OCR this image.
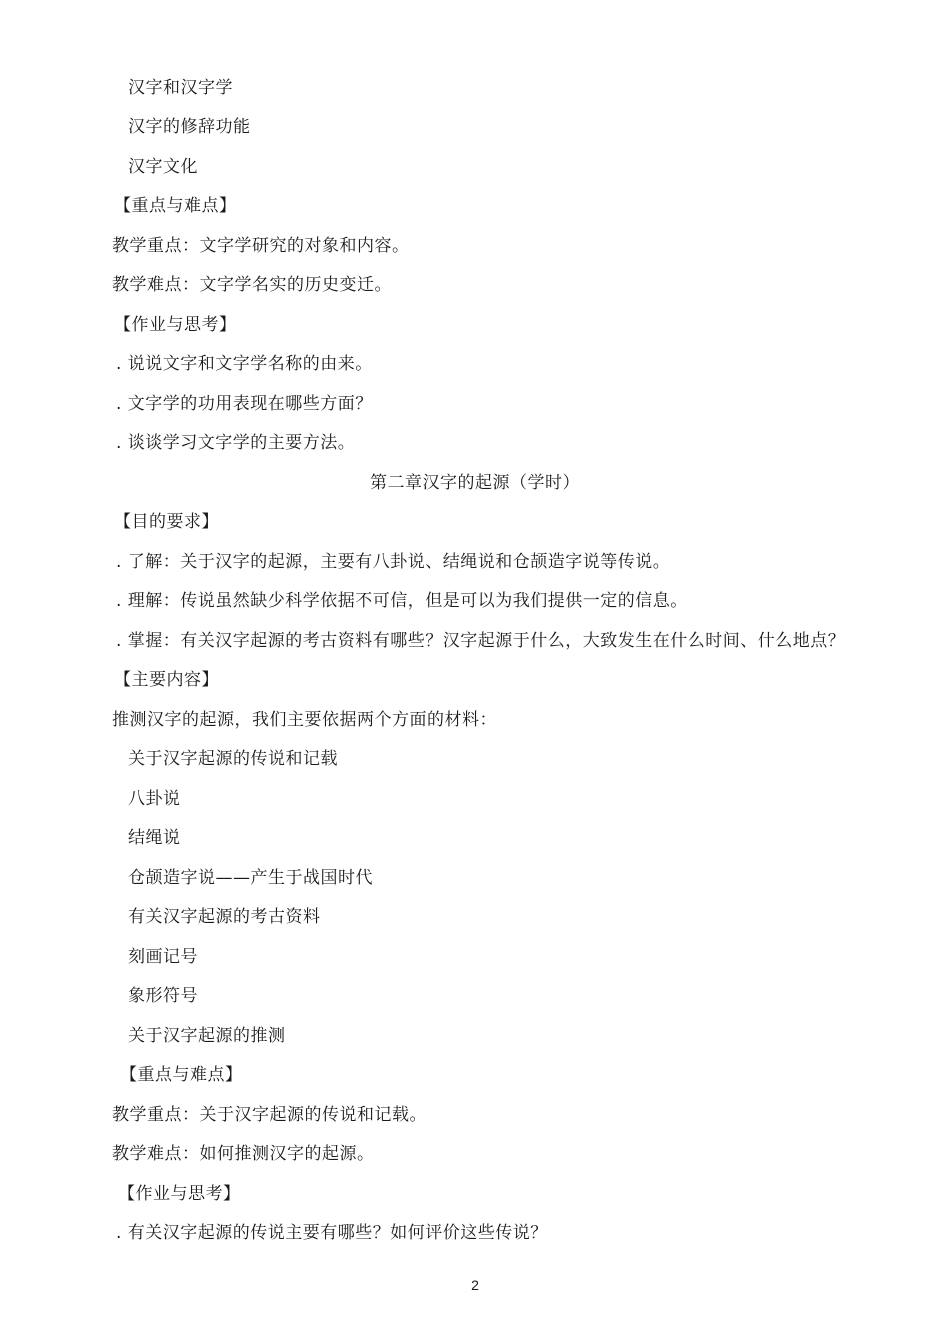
汉字和汉字学
汉字的修辞功能
汉字文化
【重点与难点】
教学重点：文字学研究的对象和内容。
教学难点：文字学名实的历史变迁。
【作业与思考】
. 说说文字和文字学名称的由来。
. 文字学的功用表现在哪些方面？
. 谈谈学习文字学的主要方法。
第二章汉字的起源（学时）
【目的要求】
. 了解：关于汉字的起源，主要有八卦说、结绳说和仓颉造字说等传说。
. 理解：传说虽然缺少科学依据不可信，但是可以为我们提供一定的信息。
. 掌握：有关汉字起源的考古资料有哪些？汉字起源于什么，大致发生在什么时间、什么地点？
【主要内容】
推测汉字的起源，我们主要依据两个方面的材料：
关于汉字起源的传说和记载
八卦说
结绳说
仓颉造字说——产生于战国时代
有关汉字起源的考古资料
刻画记号
象形符号
关于汉字起源的推测
【重点与难点】
教学重点：关于汉字起源的传说和记载。
教学难点：如何推测汉字的起源。
【作业与思考】
. 有关汉字起源的传说主要有哪些？如何评价这些传说？
2
